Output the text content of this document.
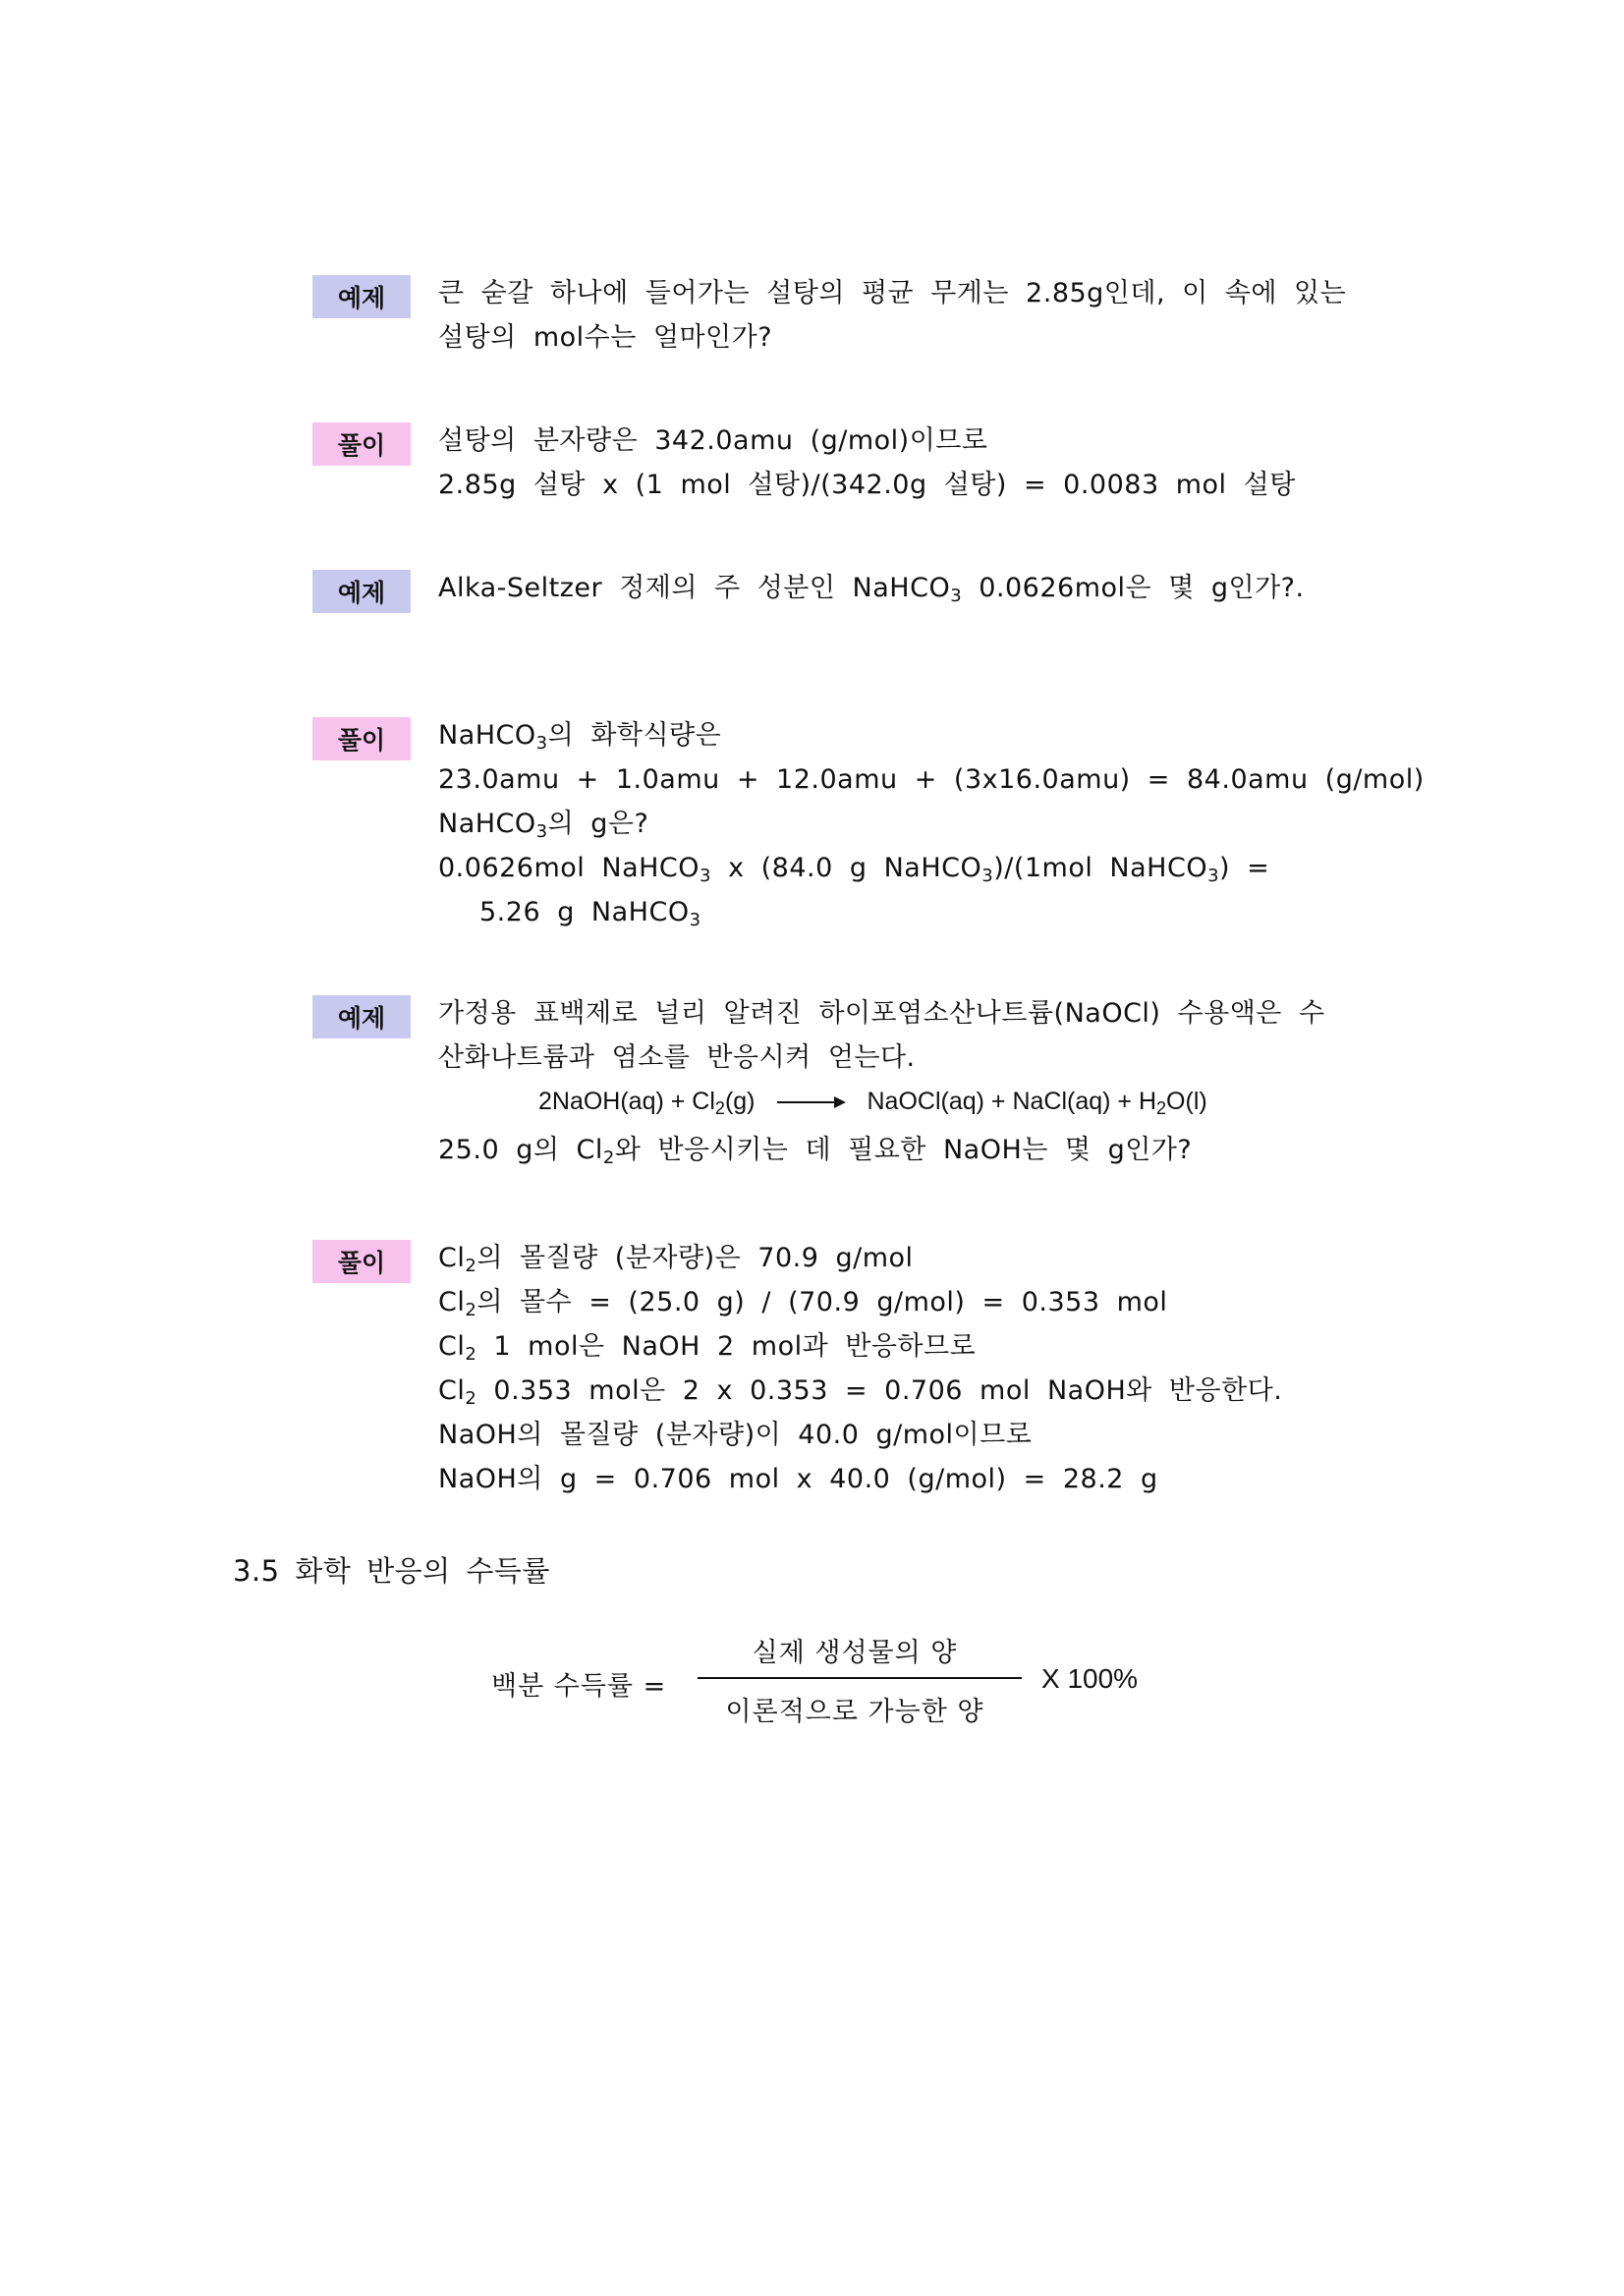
예제	큰 숟갈 하나에 들어가는 설탕의 평균 무게는 2.85g인데, 이 속에 있는
설탕의 mol수는 얼마인가?
풀이	설탕의 분자량은 342.0amu (g/mol)이므로
2.85g 설탕 x (1 mol 설탕)/(342.0g 설탕) = 0.0083 mol 설탕
예제	Alka-Seltzer 정제의 주 성분인 NaHCO$_3$ 0.0626mol은 몇 g인가?.
풀이	NaHCO$_3$의 화학식량은
23.0amu + 1.0amu + 12.0amu + (3x16.0amu) = 84.0amu (g/mol)
NaHCO$_3$의 g은?
0.0626mol NaHCO$_3$ x (84.0 g NaHCO$_3$)/(1mol NaHCO$_3$) =
5.26 g NaHCO$_3$
예제	가정용 표백제로 널리 알려진 하이포염소산나트륨(NaOCl) 수용액은 수
산화나트륨과 염소를 반응시켜 얻는다.
2NaOH(aq) + $Cl_2(g)$	NaOCl(aq) + NaCl(aq) + $H_2O(l)$
25.0 g의 $Cl_2$와 반응시키는 데 필요한 NaOH는 몇 g인가?
풀이	$Cl_2$의 몰질량 (분자량)은 70.9 g/mol
$Cl_2$의 몰수 = (25.0 g) / (70.9 g/mol) = 0.353 mol
$Cl_2$ 1 mol은 NaOH 2 mol과 반응하므로
$Cl_2$ 0.353 mol은 2 x 0.353 = 0.706 mol NaOH와 반응한다.
NaOH의 몰질량 (분자량)이 40.0 g/mol이므로
NaOH의 g = 0.706 mol x 40.0 (g/mol) = 28.2 g
3.5 화학 반응의 수득률
백분 수득률 =
실제 생성물의 양
이론적으로 가능한 양
X 100%
